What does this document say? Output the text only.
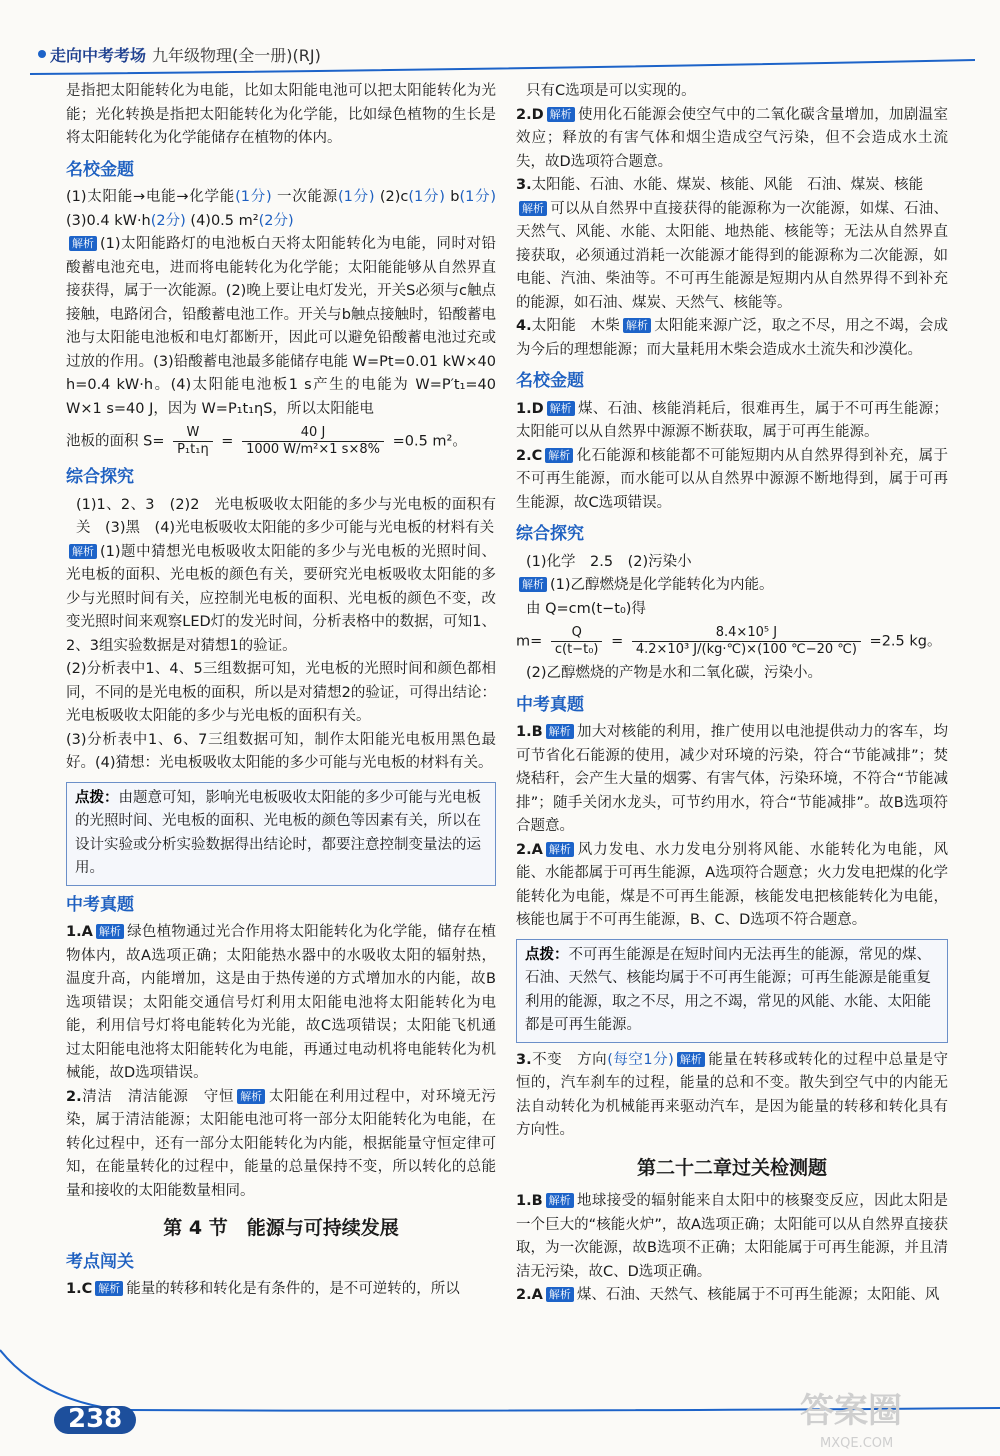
走向中考考场 九年级物理(全一册)(RJ)

是指把太阳能转化为电能，比如太阳能电池可以把太阳能转化为光能；光化转换是指把太阳能转化为化学能，比如绿色植物的生长是将太阳能转化为化学能储存在植物的体内。

名校金题

(1)太阳能→电能→化学能(1分) 一次能源(1分) (2)c(1分) b(1分) (3)0.4 kW·h(2分) (4)0.5 m²(2分)

解析 (1)太阳能路灯的电池板白天将太阳能转化为电能，同时对铅酸蓄电池充电，进而将电能转化为化学能；太阳能能够从自然界直接获得，属于一次能源。(2)晚上要让电灯发光，开关S必须与c触点接触，电路闭合，铅酸蓄电池工作。开关与b触点接触时，铅酸蓄电池与太阳能电池板和电灯都断开，因此可以避免铅酸蓄电池过充或过放的作用。(3)铅酸蓄电池最多能储存电能 W=Pt=0.01 kW×40 h=0.4 kW·h。(4)太阳能电池板1 s产生的电能为 W=P′t₁=40 W×1 s=40 J，因为 W=P₁t₁ηS，所以太阳能电

池板的面积 $S= \frac{W}{\text{P₁t₁η}} = \frac{40 J}{\text{1000 W/m²×1 s×8\%}} =0.5$ m²。

综合探究

(1)1、2、3　(2)2　光电板吸收太阳能的多少与光电板的面积有关　(3)黑　(4)光电板吸收太阳能的多少可能与光电板的材料有关

解析 (1)题中猜想光电板吸收太阳能的多少与光电板的光照时间、光电板的面积、光电板的颜色有关，要研究光电板吸收太阳能的多少与光照时间有关，应控制光电板的面积、光电板的颜色不变，改变光照时间来观察LED灯的发光时间，分析表格中的数据，可知1、2、3组实验数据是对猜想1的验证。

(2)分析表中1、4、5三组数据可知，光电板的光照时间和颜色都相同，不同的是光电板的面积，所以是对猜想2的验证，可得出结论：光电板吸收太阳能的多少与光电板的面积有关。

(3)分析表中1、6、7三组数据可知，制作太阳能光电板用黑色最好。(4)猜想：光电板吸收太阳能的多少可能与光电板的材料有关。

点拨：由题意可知，影响光电板吸收太阳能的多少可能与光电板的光照时间、光电板的面积、光电板的颜色等因素有关，所以在设计实验或分析实验数据得出结论时，都要注意控制变量法的运用。
中考真题

1.A 解析 绿色植物通过光合作用将太阳能转化为化学能，储存在植物体内，故A选项正确；太阳能热水器中的水吸收太阳的辐射热，温度升高，内能增加，这是由于热传递的方式增加水的内能，故B选项错误；太阳能交通信号灯利用太阳能电池将太阳能转化为电能，利用信号灯将电能转化为光能，故C选项错误；太阳能飞机通过太阳能电池将太阳能转化为电能，再通过电动机将电能转化为机械能，故D选项错误。

2.清洁　清洁能源　守恒 解析 太阳能在利用过程中，对环境无污染，属于清洁能源；太阳能电池可将一部分太阳能转化为电能，在转化过程中，还有一部分太阳能转化为内能，根据能量守恒定律可知，在能量转化的过程中，能量的总量保持不变，所以转化的总能量和接收的太阳能数量相同。

第 4 节　能源与可持续发展
考点闯关

1.C 解析 能量的转移和转化是有条件的，是不可逆转的，所以

只有C选项是可以实现的。

2.D 解析 使用化石能源会使空气中的二氧化碳含量增加，加剧温室效应；释放的有害气体和烟尘造成空气污染，但不会造成水土流失，故D选项符合题意。

3.太阳能、石油、水能、煤炭、核能、风能　石油、煤炭、核能

解析 可以从自然界中直接获得的能源称为一次能源，如煤、石油、天然气、风能、水能、太阳能、地热能、核能等；无法从自然界直接获取，必须通过消耗一次能源才能得到的能源称为二次能源，如电能、汽油、柴油等。不可再生能源是短期内从自然界得不到补充的能源，如石油、煤炭、天然气、核能等。

4.太阳能　木柴 解析 太阳能来源广泛，取之不尽，用之不竭，会成为今后的理想能源；而大量耗用木柴会造成水土流失和沙漠化。

名校金题

1.D 解析 煤、石油、核能消耗后，很难再生，属于不可再生能源；太阳能可以从自然界中源源不断获取，属于可再生能源。

2.C 解析 化石能源和核能都不可能短期内从自然界得到补充，属于不可再生能源，而水能可以从自然界中源源不断地得到，属于可再生能源，故C选项错误。

综合探究

(1)化学　2.5　(2)污染小

解析 (1)乙醇燃烧是化学能转化为内能。

由 Q=cm(t−t₀)得

$m= \frac{Q}{\text{c(t−t₀)}} = \frac{\text{8.4×10⁵ J}}{\text{4.2×10³ J/(kg·℃)×(100 ℃−20 ℃)}} =2.5$ kg。

(2)乙醇燃烧的产物是水和二氧化碳，污染小。

中考真题

1.B 解析 加大对核能的利用，推广使用以电池提供动力的客车，均可节省化石能源的使用，减少对环境的污染，符合“节能减排”；焚烧秸秆，会产生大量的烟雾、有害气体，污染环境，不符合“节能减排”；随手关闭水龙头，可节约用水，符合“节能减排”。故B选项符合题意。

2.A 解析 风力发电、水力发电分别将风能、水能转化为电能，风能、水能都属于可再生能源，A选项符合题意；火力发电把煤的化学能转化为电能，煤是不可再生能源，核能发电把核能转化为电能，核能也属于不可再生能源，B、C、D选项不符合题意。

点拨：不可再生能源是在短时间内无法再生的能源，常见的煤、石油、天然气、核能均属于不可再生能源；可再生能源是能重复利用的能源，取之不尽，用之不竭，常见的风能、水能、太阳能都是可再生能源。

3.不变　方向(每空1分) 解析 能量在转移或转化的过程中总量是守恒的，汽车刹车的过程，能量的总和不变。散失到空气中的内能无法自动转化为机械能再来驱动汽车，是因为能量的转移和转化具有方向性。

第二十二章过关检测题

1.B 解析 地球接受的辐射能来自太阳中的核聚变反应，因此太阳是一个巨大的“核能火炉”，故A选项正确；太阳能可以从自然界直接获取，为一次能源，故B选项不正确；太阳能属于可再生能源，并且清洁无污染，故C、D选项正确。

2.A 解析 煤、石油、天然气、核能属于不可再生能源；太阳能、风

238	答案圈
MXQE.COM
